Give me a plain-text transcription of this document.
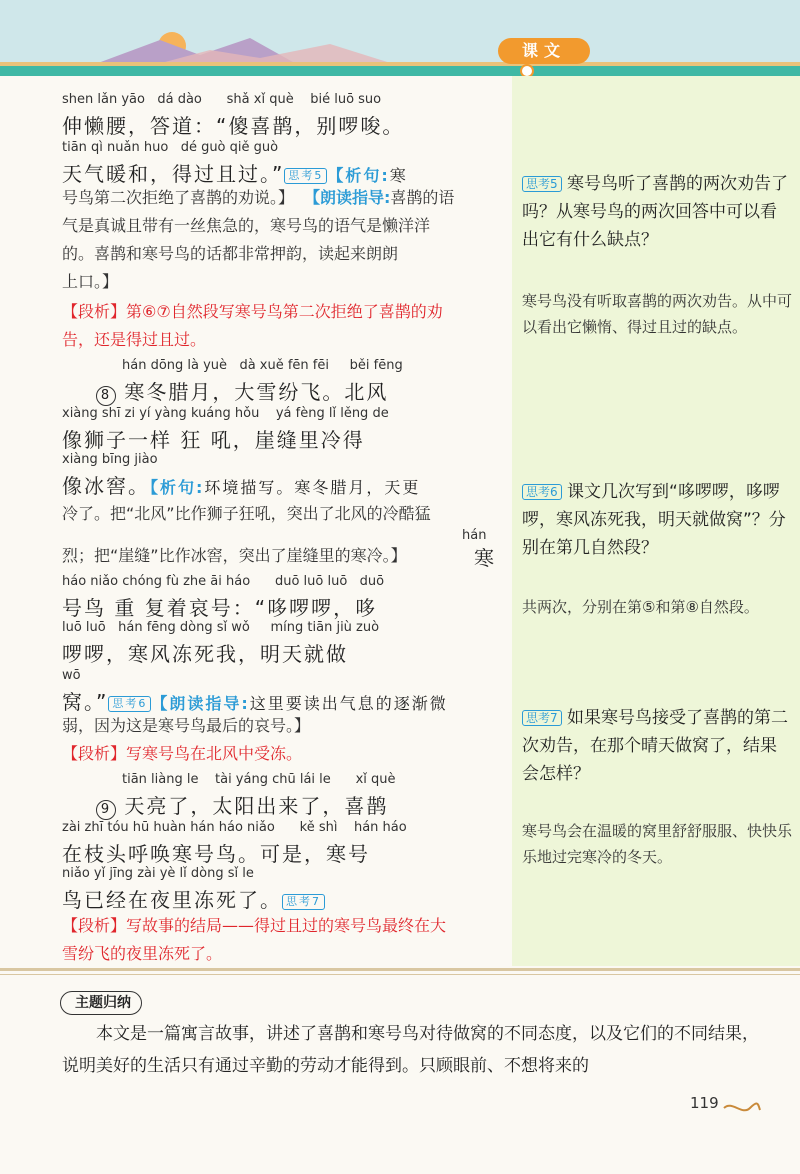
课文
shen lǎn yāo   dá dào      shǎ xǐ què    bié luō suo
伸懒腰，答道：“傻喜鹊，别啰唆。
tiān qì nuǎn huo   dé guò qiě guò
天气暖和，得过且过。” 思考5 【析句:寒
号鸟第二次拒绝了喜鹊的劝说。】 【朗读指导:喜鹊的语
气是真诚且带有一丝焦急的，寒号鸟的语气是懒洋洋
的。喜鹊和寒号鸟的话都非常押韵，读起来朗朗
上口。】
【段析】第⑥⑦自然段写寒号鸟第二次拒绝了喜鹊的劝
告，还是得过且过。
hán dōng là yuè   dà xuě fēn fēi     běi fēng
8 寒冬腊月，大雪纷飞。北风
xiàng shī zi yí yàng kuáng hǒu    yá fèng lǐ lěng de
像狮子一样 狂 吼，崖缝里冷得
xiàng bīng jiào
像冰窖。【析句:环境描写。寒冬腊月，天更
冷了。把“北风”比作狮子狂吼，突出了北风的冷酷猛
hán
烈；把“崖缝”比作冰窖，突出了崖缝里的寒冷。】	寒
háo niǎo chóng fù zhe āi háo      duō luō luō   duō
号鸟 重 复着哀号：“哆啰啰，哆
luō luō   hán fēng dòng sǐ wǒ     míng tiān jiù zuò
啰啰，寒风冻死我，明天就做
wō
窝。” 思考6 【朗读指导:这里要读出气息的逐渐微
弱，因为这是寒号鸟最后的哀号。】
【段析】写寒号鸟在北风中受冻。
tiān liàng le    tài yáng chū lái le      xǐ què
9 天亮了，太阳出来了，喜鹊
zài zhī tóu hū huàn hán háo niǎo      kě shì    hán háo
在枝头呼唤寒号鸟。可是，寒号
niǎo yǐ jīng zài yè lǐ dòng sǐ le
鸟已经在夜里冻死了。 思考7
【段析】写故事的结局——得过且过的寒号鸟最终在大
雪纷飞的夜里冻死了。
思考5 寒号鸟听了喜鹊的两次劝告了吗？从寒号鸟的两次回答中可以看出它有什么缺点？
寒号鸟没有听取喜鹊的两次劝告。从中可以看出它懒惰、得过且过的缺点。
思考6 课文几次写到“哆啰啰，哆啰啰，寒风冻死我，明天就做窝”？分别在第几自然段？
共两次，分别在第⑤和第⑧自然段。
思考7 如果寒号鸟接受了喜鹊的第二次劝告，在那个晴天做窝了，结果会怎样？
寒号鸟会在温暖的窝里舒舒服服、快快乐乐地过完寒冷的冬天。
主题归纳
本文是一篇寓言故事，讲述了喜鹊和寒号鸟对待做窝的不同态度，以及它们的不同结果，说明美好的生活只有通过辛勤的劳动才能得到。只顾眼前、不想将来的
119
